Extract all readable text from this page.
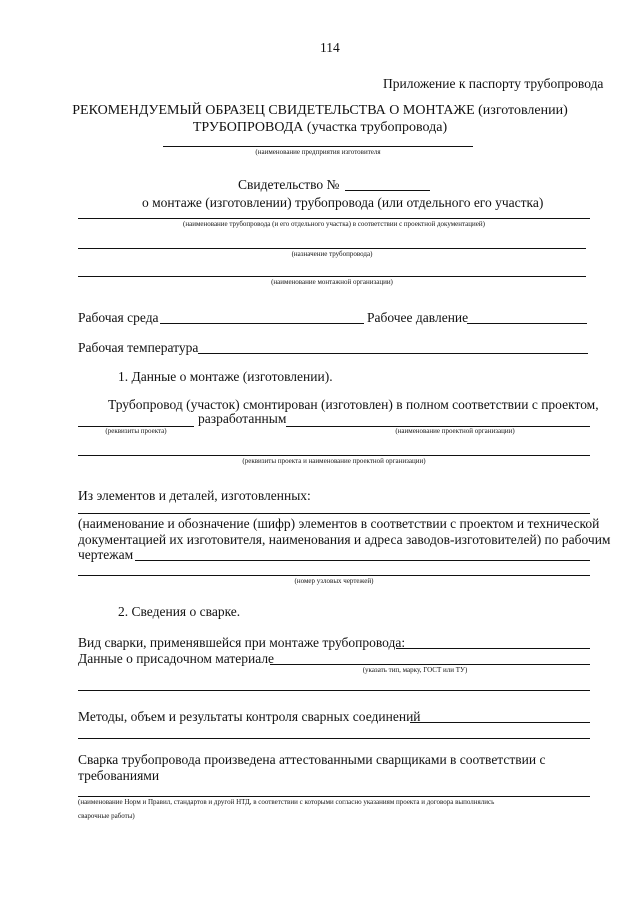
114
Приложение к паспорту трубопровода
РЕКОМЕНДУЕМЫЙ ОБРАЗЕЦ СВИДЕТЕЛЬСТВА О МОНТАЖЕ (изготовлении)
ТРУБОПРОВОДА (участка трубопровода)
(наименование предприятия изготовителя
Свидетельство №
о монтаже (изготовлении) трубопровода (или отдельного его участка)
(наименование трубопровода (и его отдельного участка) в соответствии с проектной документацией)
(назначение трубопровода)
(наименование монтажной организации)
Рабочая среда	Рабочее давление
Рабочая температура
1. Данные о монтаже (изготовлении).
Трубопровод (участок) смонтирован (изготовлен) в полном соответствии с проектом,
разработанным
(реквизиты проекта)	(наименование проектной организации)
(реквизиты проекта и наименование проектной организации)
Из элементов и деталей, изготовленных:
(наименование и обозначение (шифр) элементов в соответствии с проектом и технической
документацией их изготовителя, наименования и адреса заводов-изготовителей) по рабочим
чертежам
(номер узловых чертежей)
2. Сведения о сварке.
Вид сварки, применявшейся при монтаже трубопровода:
Данные о присадочном материале
(указать тип, марку, ГОСТ или ТУ)
Методы, объем и результаты контроля сварных соединений
Сварка трубопровода произведена аттестованными сварщиками в соответствии с
требованиями
(наименование Норм и Правил, стандартов и другой НТД, в соответствии с которыми согласно указаниям проекта и договора выполнялись
сварочные работы)
